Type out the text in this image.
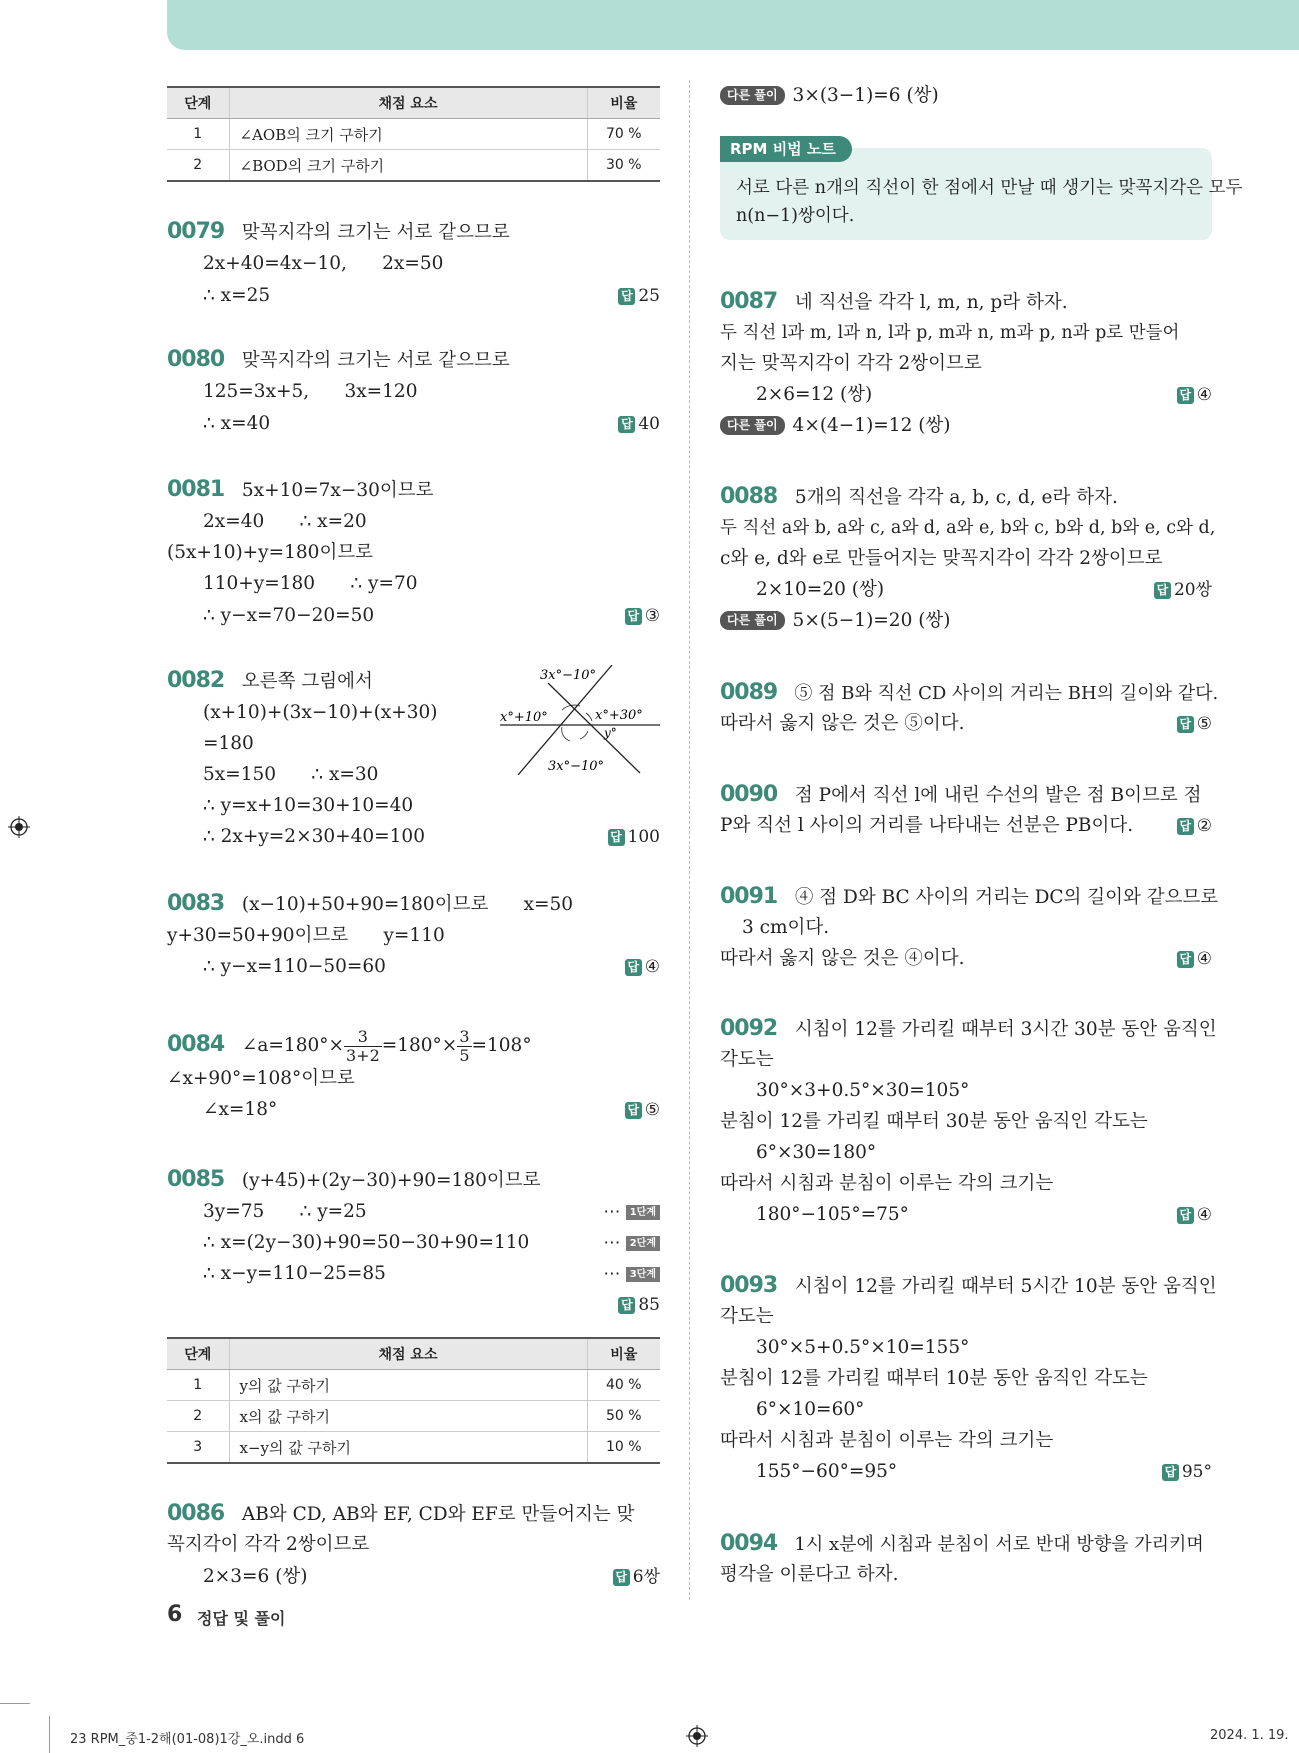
단계	채점 요소	비율
1	∠AOB의 크기 구하기	70 %
2	∠BOD의 크기 구하기	30 %
0079 맞꼭지각의 크기는 서로 같으므로
2x+40=4x−10,      2x=50
∴ x=25	답 25
0080 맞꼭지각의 크기는 서로 같으므로
125=3x+5,      3x=120
∴ x=40	답 40
0081 5x+10=7x−30이므로
2x=40      ∴ x=20
(5x+10)+y=180이므로
110+y=180      ∴ y=70
∴ y−x=70−20=50	답 ③
0082 오른쪽 그림에서
(x+10)+(3x−10)+(x+30)
=180
5x=150      ∴ x=30
∴ y=x+10=30+10=40
∴ 2x+y=2×30+40=100	답 100
3x°−10°
x°+10°	x°+30°
y°
3x°−10°
0083 (x−10)+50+90=180이므로      x=50
y+30=50+90이므로      y=110
∴ y−x=110−50=60	답 ④
0084 ∠a=180°× $\frac{3}{3+2} =180^\circ\times \frac{3}{5} =108^\circ$
∠x+90°=108°이므로
∠x=18°	답 ⑤
0085 (y+45)+(2y−30)+90=180이므로
3y=75      ∴ y=25
∴ x=(2y−30)+90=50−30+90=110
∴ x−y=110−25=85
⋯ 1단계
⋯ 2단계
⋯ 3단계
답 85
단계	채점 요소	비율
1	y의 값 구하기	40 %
2	x의 값 구하기	50 %
3	x−y의 값 구하기	10 %
0086 AB와 CD, AB와 EF, CD와 EF로 만들어지는 맞
꼭지각이 각각 2쌍이므로
2×3=6 (쌍)	답 6쌍
6 정답 및 풀이
다른 풀이 3×(3−1)=6 (쌍)
RPM 비법 노트
서로 다른 n개의 직선이 한 점에서 만날 때 생기는 맞꼭지각은 모두
n(n−1)쌍이다.
0087 네 직선을 각각 l, m, n, p라 하자.
두 직선 l과 m, l과 n, l과 p, m과 n, m과 p, n과 p로 만들어
지는 맞꼭지각이 각각 2쌍이므로
2×6=12 (쌍)	답 ④
다른 풀이 4×(4−1)=12 (쌍)
0088 5개의 직선을 각각 a, b, c, d, e라 하자.
두 직선 a와 b, a와 c, a와 d, a와 e, b와 c, b와 d, b와 e, c와 d,
c와 e, d와 e로 만들어지는 맞꼭지각이 각각 2쌍이므로
2×10=20 (쌍)	답 20쌍
다른 풀이 5×(5−1)=20 (쌍)
0089 ⑤ 점 B와 직선 CD 사이의 거리는 BH의 길이와 같다.
따라서 옳지 않은 것은 ⑤이다.	답 ⑤
0090 점 P에서 직선 l에 내린 수선의 발은 점 B이므로 점
P와 직선 l 사이의 거리를 나타내는 선분은 PB이다.	답 ②
0091 ④ 점 D와 BC 사이의 거리는 DC의 길이와 같으므로
3 cm이다.
따라서 옳지 않은 것은 ④이다.	답 ④
0092 시침이 12를 가리킬 때부터 3시간 30분 동안 움직인
각도는
30°×3+0.5°×30=105°
분침이 12를 가리킬 때부터 30분 동안 움직인 각도는
6°×30=180°
따라서 시침과 분침이 이루는 각의 크기는
180°−105°=75°	답 ④
0093 시침이 12를 가리킬 때부터 5시간 10분 동안 움직인
각도는
30°×5+0.5°×10=155°
분침이 12를 가리킬 때부터 10분 동안 움직인 각도는
6°×10=60°
따라서 시침과 분침이 이루는 각의 크기는
155°−60°=95°	답 95°
0094 1시 x분에 시침과 분침이 서로 반대 방향을 가리키며
평각을 이룬다고 하자.
23 RPM_중1-2해(01-08)1강_오.indd 6	2024. 1. 19.
